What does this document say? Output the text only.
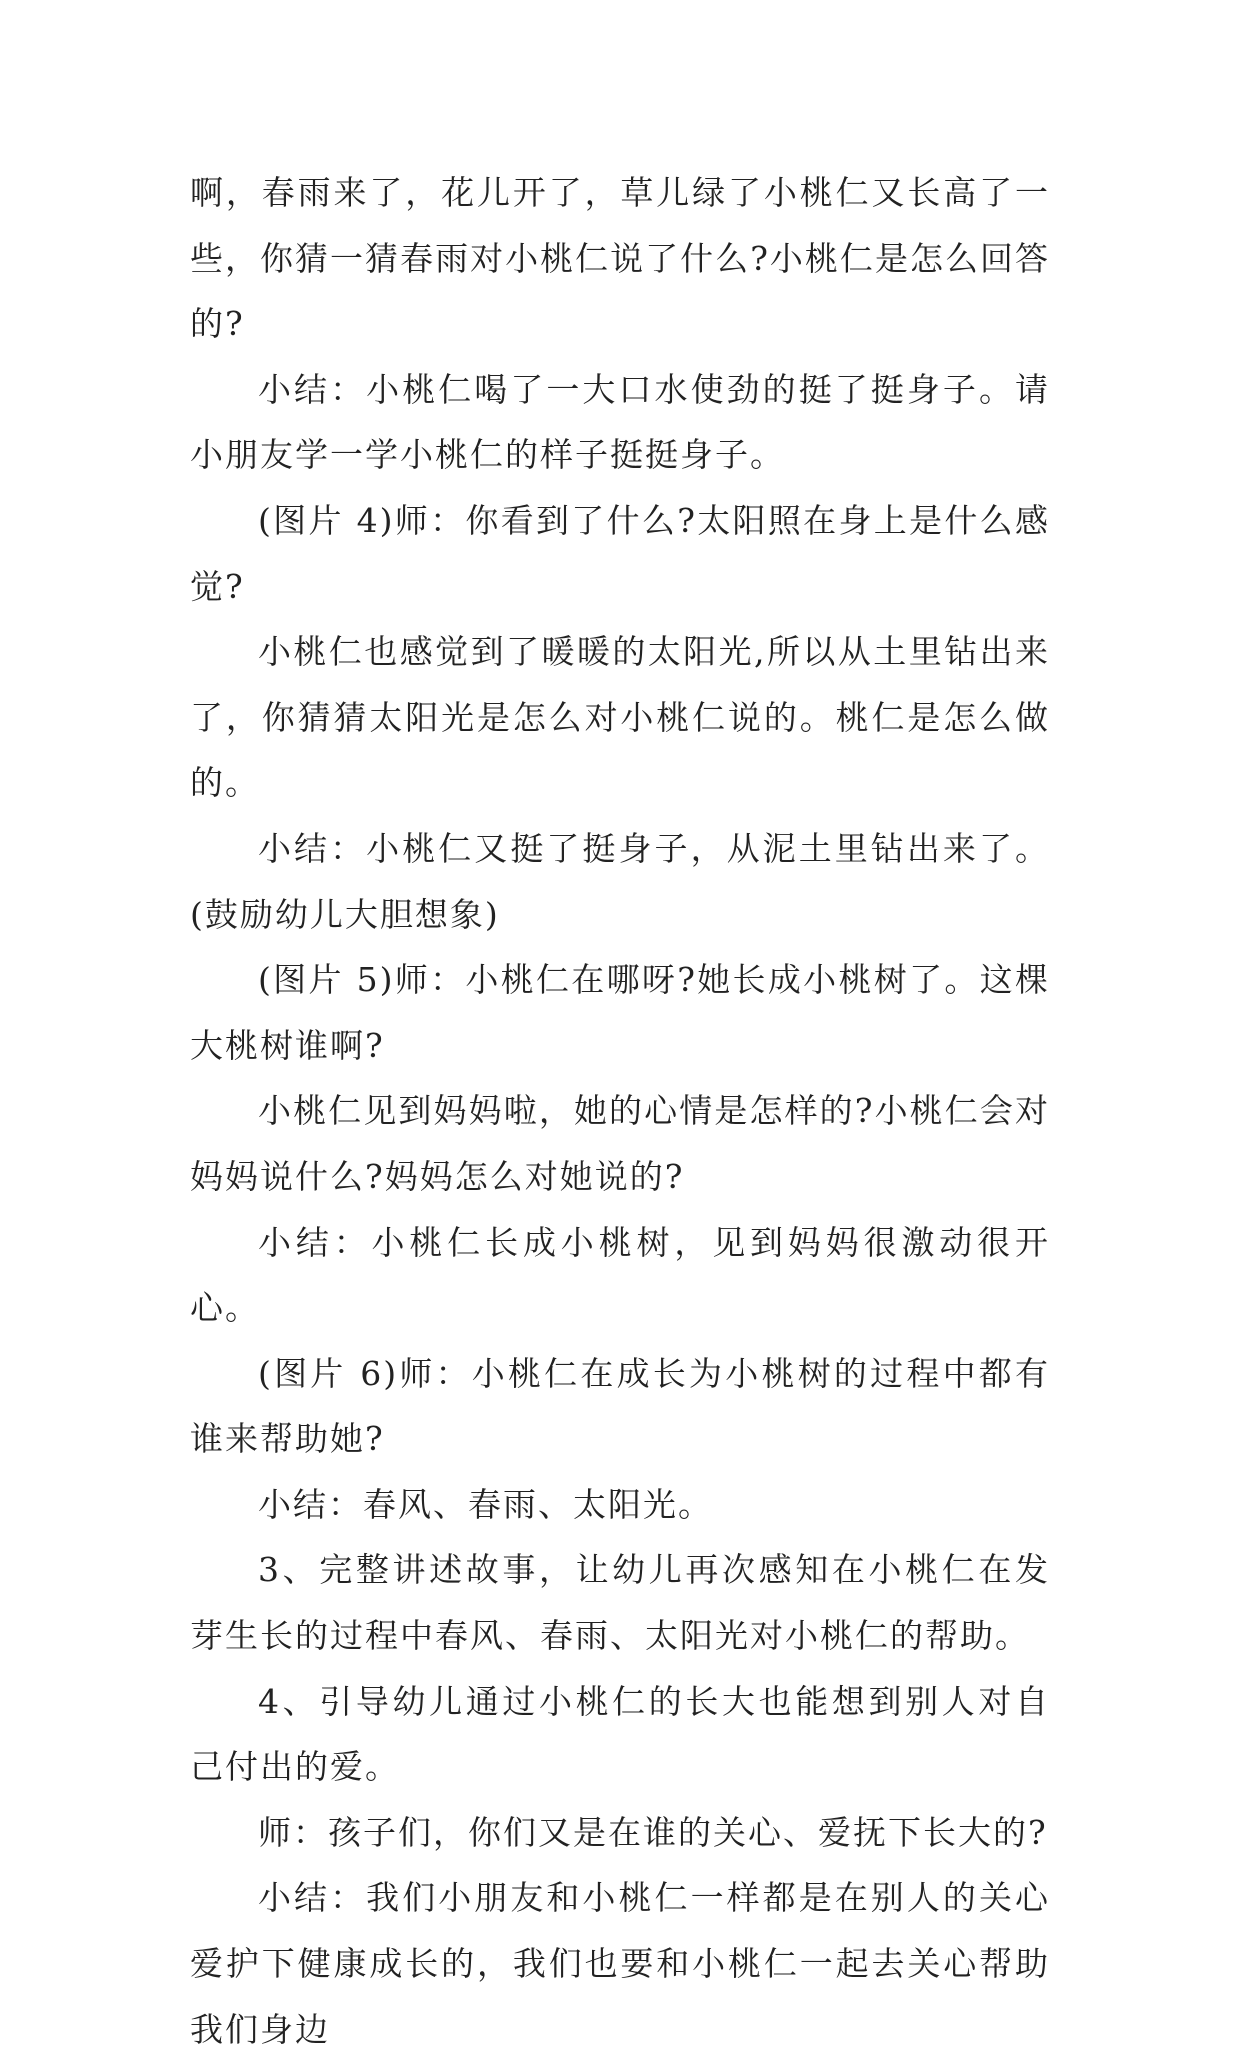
啊，春雨来了，花儿开了，草儿绿了小桃仁又长高了一些，你猜一猜春雨对小桃仁说了什么?小桃仁是怎么回答的?

小结：小桃仁喝了一大口水使劲的挺了挺身子。请小朋友学一学小桃仁的样子挺挺身子。

(图片 4)师：你看到了什么?太阳照在身上是什么感觉?

小桃仁也感觉到了暖暖的太阳光,所以从土里钻出来了，你猜猜太阳光是怎么对小桃仁说的。桃仁是怎么做的。

小结：小桃仁又挺了挺身子，从泥土里钻出来了。(鼓励幼儿大胆想象)

(图片 5)师：小桃仁在哪呀?她长成小桃树了。这棵大桃树谁啊?

小桃仁见到妈妈啦，她的心情是怎样的?小桃仁会对妈妈说什么?妈妈怎么对她说的?

小结：小桃仁长成小桃树，见到妈妈很激动很开心。

(图片 6)师：小桃仁在成长为小桃树的过程中都有谁来帮助她?

小结：春风、春雨、太阳光。

3、完整讲述故事，让幼儿再次感知在小桃仁在发芽生长的过程中春风、春雨、太阳光对小桃仁的帮助。

4、引导幼儿通过小桃仁的长大也能想到别人对自己付出的爱。

师：孩子们，你们又是在谁的关心、爱抚下长大的?

小结：我们小朋友和小桃仁一样都是在别人的关心爱护下健康成长的，我们也要和小桃仁一起去关心帮助我们身边
